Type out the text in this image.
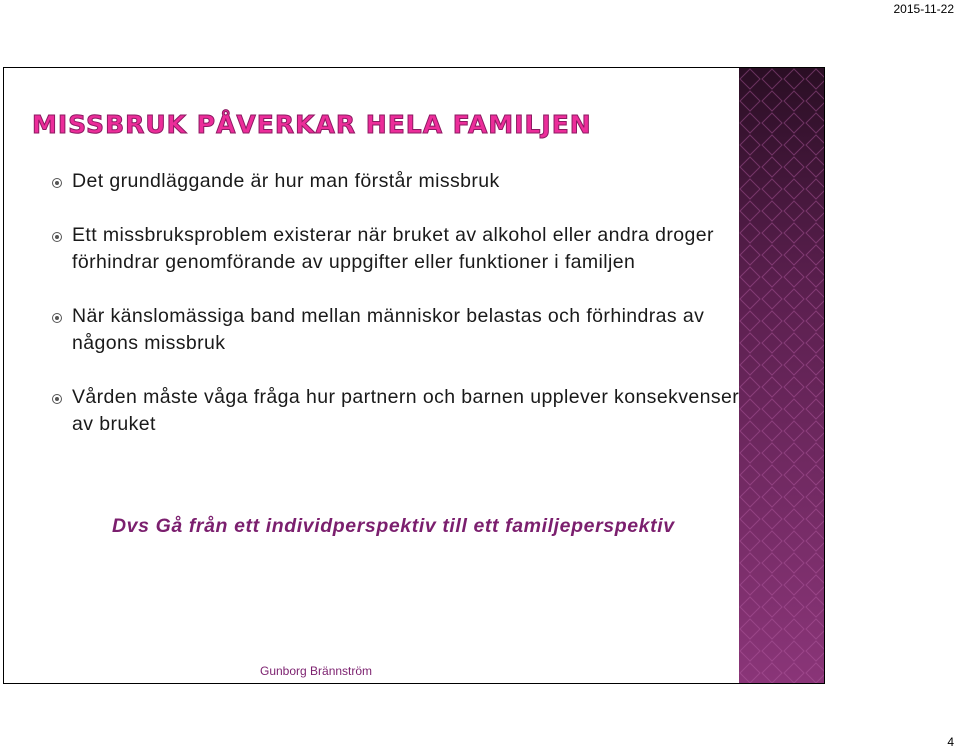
2015-11-22
MISSBRUK PÅVERKAR HELA FAMILJEN
Det grundläggande är hur man förstår missbruk
Ett missbruksproblem existerar när bruket av alkohol eller andra droger förhindrar genomförande av uppgifter eller funktioner i familjen
När känslomässiga band mellan människor belastas och förhindras av någons missbruk
Vården måste våga fråga hur partnern och barnen upplever konsekvenser av bruket

Dvs Gå från ett individperspektiv till ett familjeperspektiv

Gunborg Brännström
4
